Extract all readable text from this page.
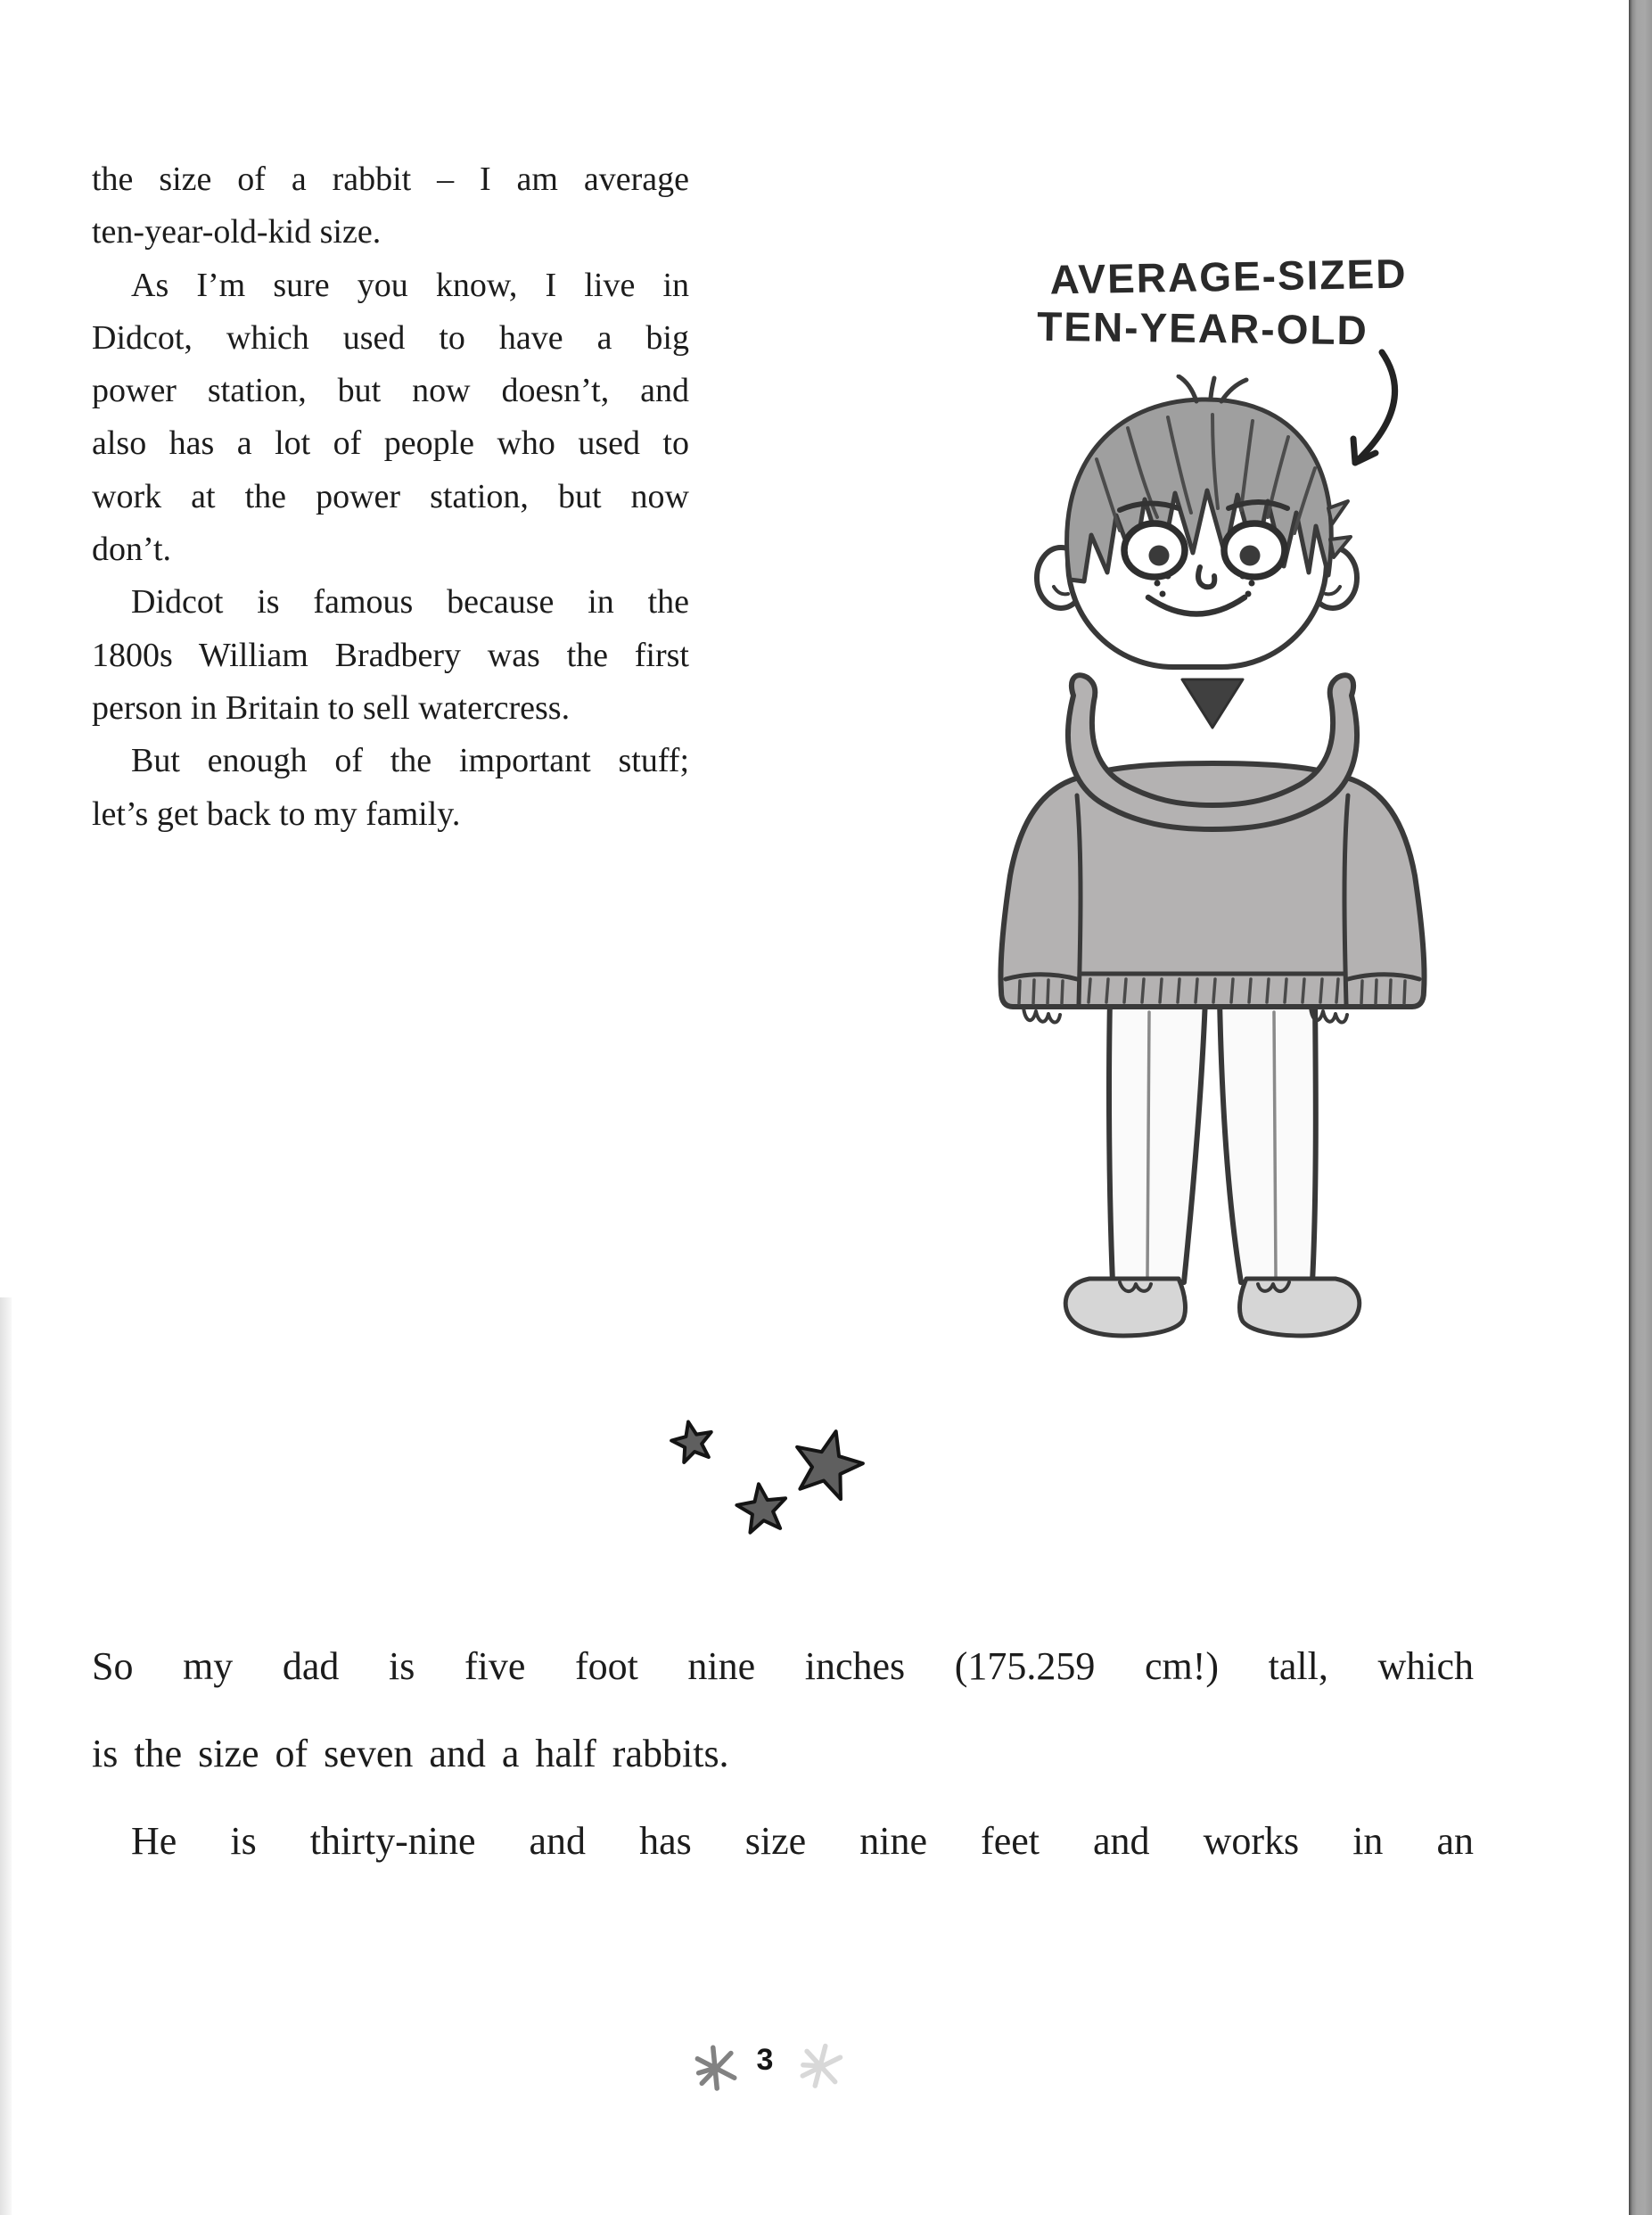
the size of a rabbit – I am average

ten-year-old-kid size.

As I’m sure you know, I live in

Didcot, which used to have a big

power station, but now doesn’t, and

also has a lot of people who used to

work at the power station, but now

don’t.

Didcot is famous because in the

1800s William Bradbery was the first

person in Britain to sell watercress.

But enough of the important stuff;

let’s get back to my family.

AVERAGE-SIZED
TEN-YEAR-OLD

So my dad is five foot nine inches (175.259 cm!) tall, which

is the size of seven and a half rabbits.

He is thirty-nine and has size nine feet and works in an

3
